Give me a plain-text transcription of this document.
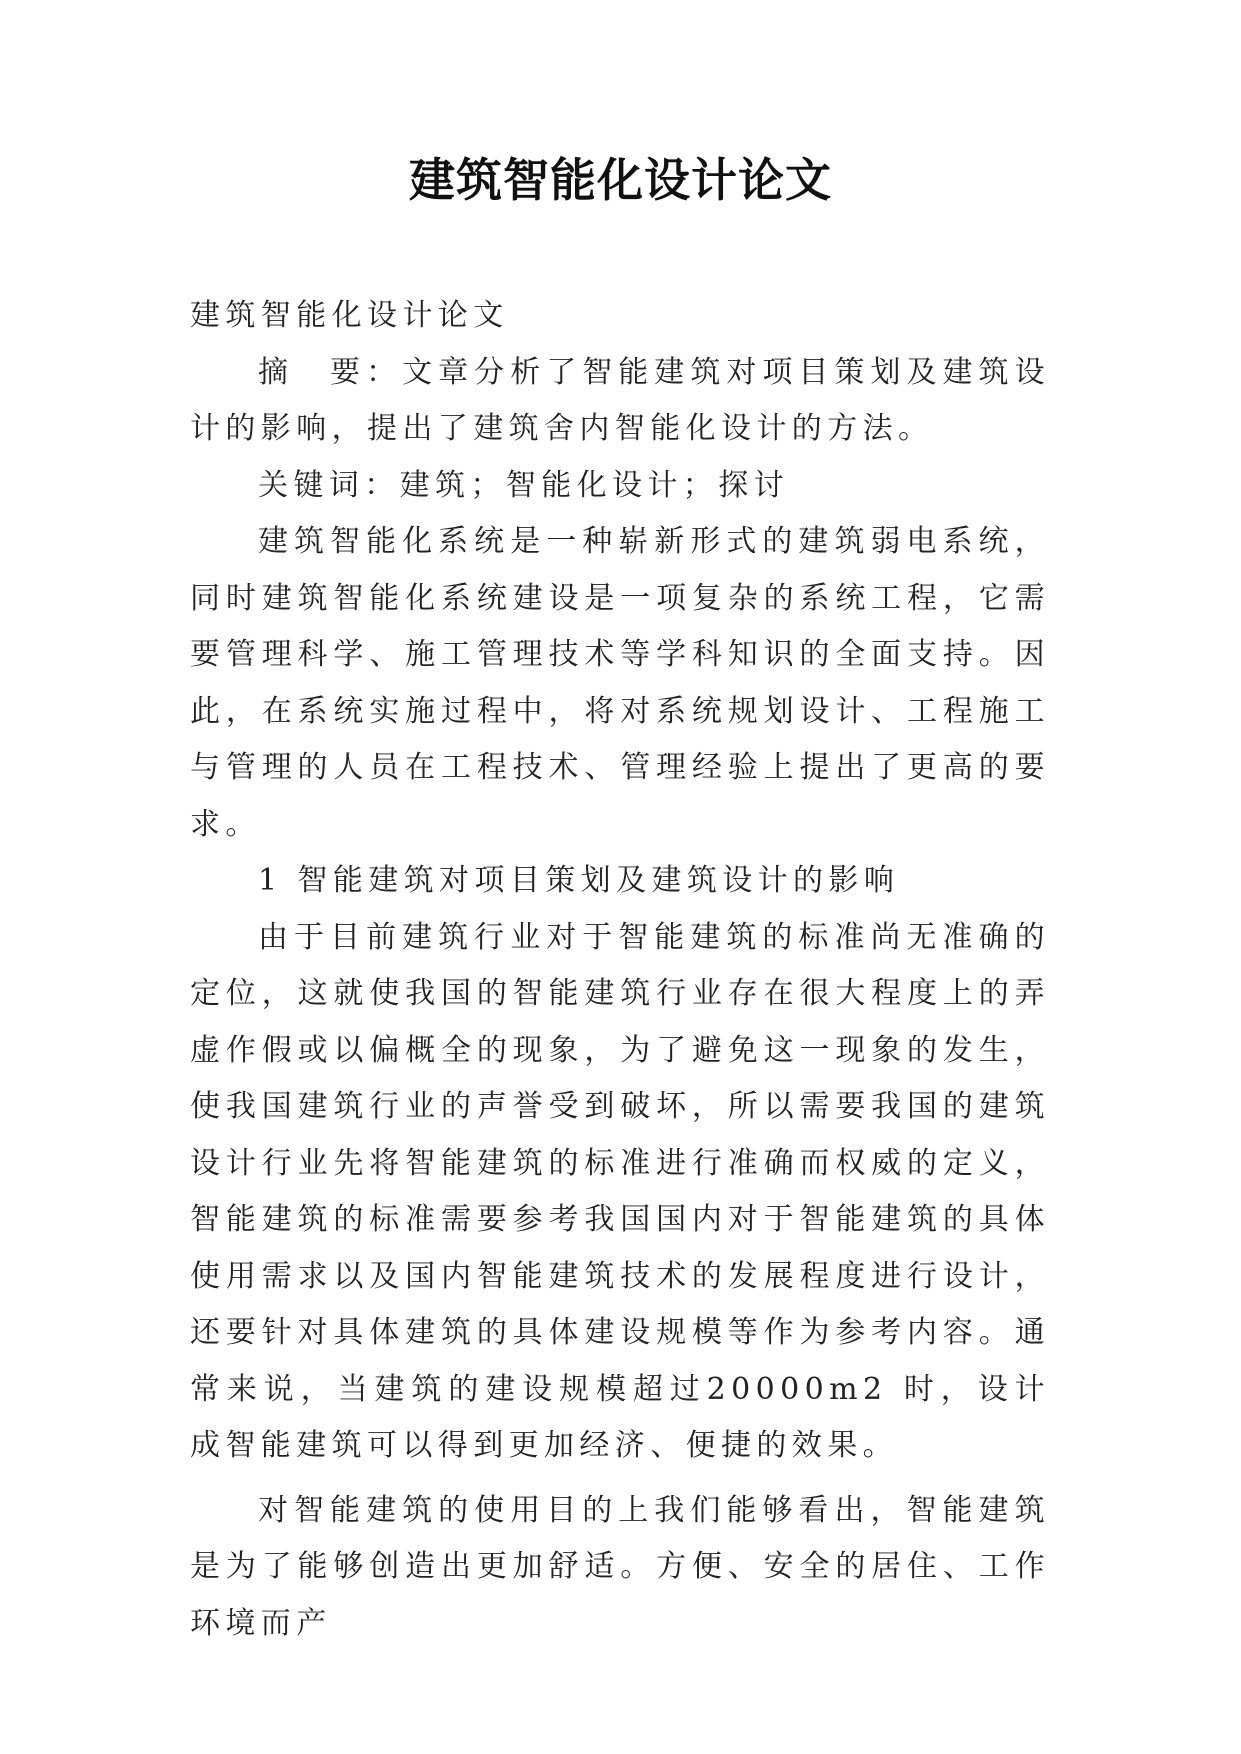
建筑智能化设计论文

建筑智能化设计论文

摘　要：文章分析了智能建筑对项目策划及建筑设计的影响，提出了建筑舍内智能化设计的方法。

关键词：建筑；智能化设计；探讨

建筑智能化系统是一种崭新形式的建筑弱电系统，同时建筑智能化系统建设是一项复杂的系统工程，它需要管理科学、施工管理技术等学科知识的全面支持。因此，在系统实施过程中，将对系统规划设计、工程施工与管理的人员在工程技术、管理经验上提出了更高的要求。

1 智能建筑对项目策划及建筑设计的影响

由于目前建筑行业对于智能建筑的标准尚无准确的定位，这就使我国的智能建筑行业存在很大程度上的弄虚作假或以偏概全的现象，为了避免这一现象的发生，使我国建筑行业的声誉受到破坏，所以需要我国的建筑设计行业先将智能建筑的标准进行准确而权威的定义，智能建筑的标准需要参考我国国内对于智能建筑的具体使用需求以及国内智能建筑技术的发展程度进行设计，还要针对具体建筑的具体建设规模等作为参考内容。通常来说，当建筑的建设规模超过20000m2 时，设计成智能建筑可以得到更加经济、便捷的效果。

对智能建筑的使用目的上我们能够看出，智能建筑是为了能够创造出更加舒适。方便、安全的居住、工作环境而产
